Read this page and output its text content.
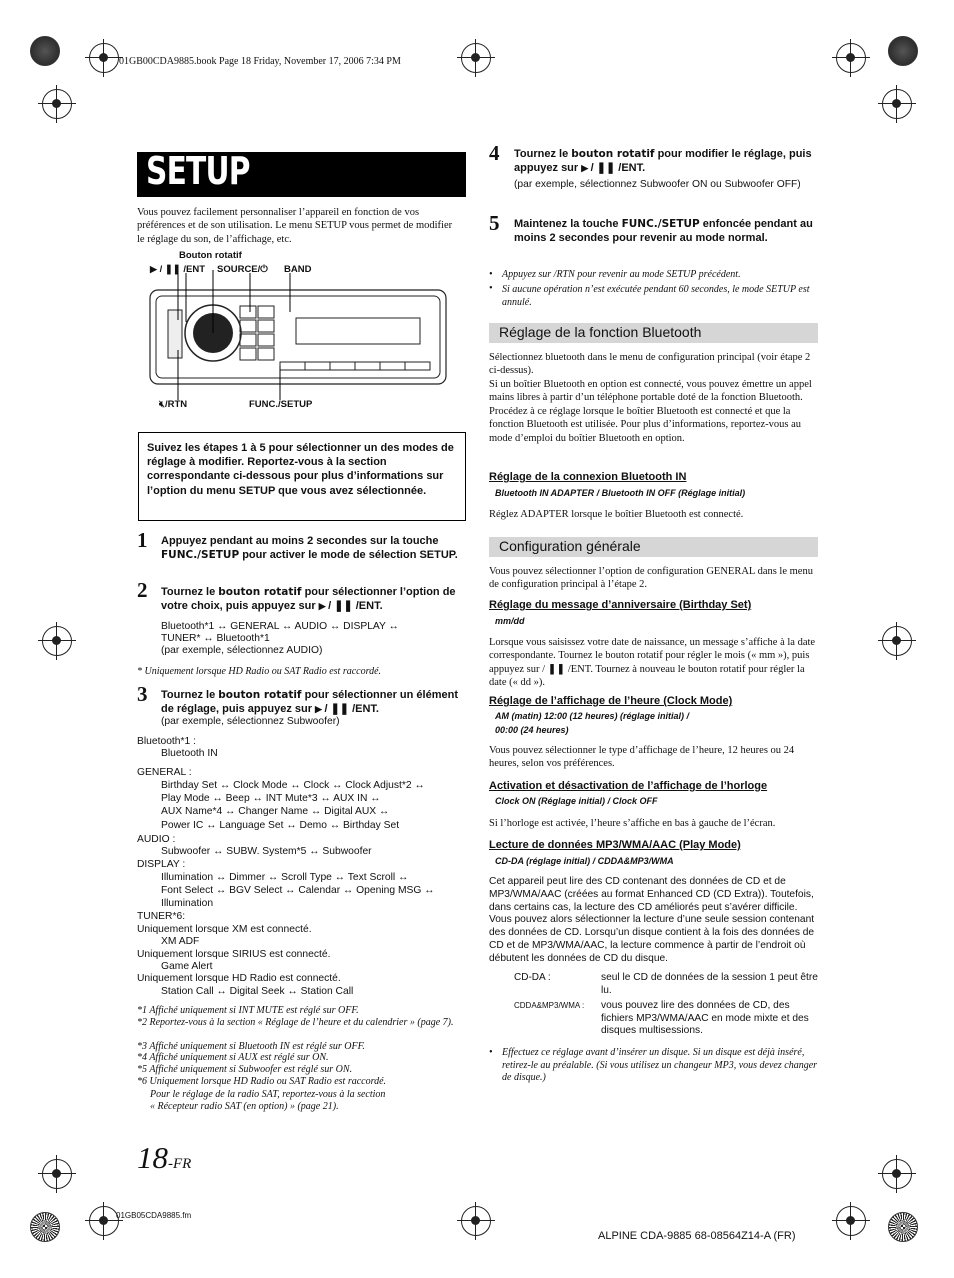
01GB00CDA9885.book Page 18 Friday, November 17, 2006 7:34 PM
SETUP
Vous pouvez facilement personnaliser l’appareil en fonction de vos préférences et de son utilisation. Le menu SETUP vous permet de modifier le réglage du son, de l’affichage, etc.
Bouton rotatif
▶ / ❚❚ /ENT SOURCE/⏻ BAND
🔇︎/RTN	FUNC./SETUP
Suivez les étapes 1 à 5 pour sélectionner un des modes de réglage à modifier. Reportez-vous à la section correspondante ci-dessous pour plus d’informations sur l’option du menu SETUP que vous avez sélectionnée.
1 Appuyez pendant au moins 2 secondes sur la touche FUNC./SETUP pour activer le mode de sélection SETUP.
2 Tournez le bouton rotatif pour sélectionner l’option de votre choix, puis appuyez sur ▶ / ❚❚ /ENT.
Bluetooth*1 ↔ GENERAL ↔ AUDIO ↔ DISPLAY ↔
TUNER* ↔ Bluetooth*1
(par exemple, sélectionnez AUDIO)
* Uniquement lorsque HD Radio ou SAT Radio est raccordé.
3 Tournez le bouton rotatif pour sélectionner un élément de réglage, puis appuyez sur ▶ / ❚❚ /ENT.
(par exemple, sélectionnez Subwoofer)
Bluetooth*1 :
Bluetooth IN
GENERAL :
Birthday Set ↔ Clock Mode ↔ Clock ↔ Clock Adjust*2 ↔
Play Mode ↔ Beep ↔ INT Mute*3 ↔ AUX IN ↔
AUX Name*4 ↔ Changer Name ↔ Digital AUX ↔
Power IC ↔ Language Set ↔ Demo ↔ Birthday Set
AUDIO :
Subwoofer ↔ SUBW. System*5 ↔ Subwoofer
DISPLAY :
Illumination ↔ Dimmer ↔ Scroll Type ↔ Text Scroll ↔
Font Select ↔ BGV Select ↔ Calendar ↔ Opening MSG ↔
Illumination
TUNER*6:
Uniquement lorsque XM est connecté.
XM ADF
Uniquement lorsque SIRIUS est connecté.
Game Alert
Uniquement lorsque HD Radio est connecté.
Station Call ↔ Digital Seek ↔ Station Call
*1 Affiché uniquement si INT MUTE est réglé sur OFF.
*2 Reportez-vous à la section « Réglage de l’heure et du calendrier » (page 7).
*3 Affiché uniquement si Bluetooth IN est réglé sur OFF.
*4 Affiché uniquement si AUX est réglé sur ON.
*5 Affiché uniquement si Subwoofer est réglé sur ON.
*6 Uniquement lorsque HD Radio ou SAT Radio est raccordé.
Pour le réglage de la radio SAT, reportez-vous à la section
« Récepteur radio SAT (en option) » (page 21).
18-FR
01GB05CDA9885.fm
ALPINE CDA-9885 68-08564Z14-A (FR)
4 Tournez le bouton rotatif pour modifier le réglage, puis appuyez sur ▶ / ❚❚ /ENT.
(par exemple, sélectionnez Subwoofer ON ou Subwoofer OFF)
5 Maintenez la touche FUNC./SETUP enfoncée pendant au moins 2 secondes pour revenir au mode normal.
• Appuyez sur /RTN pour revenir au mode SETUP précédent.
• Si aucune opération n’est exécutée pendant 60 secondes, le mode SETUP est annulé.
Réglage de la fonction Bluetooth
Sélectionnez bluetooth dans le menu de configuration principal (voir étape 2 ci-dessus).
Si un boîtier Bluetooth en option est connecté, vous pouvez émettre un appel mains libres à partir d’un téléphone portable doté de la fonction Bluetooth. Procédez à ce réglage lorsque le boîtier Bluetooth est connecté et que la fonction Bluetooth est utilisée. Pour plus d’informations, reportez-vous au mode d’emploi du boîtier Bluetooth en option.
Réglage de la connexion Bluetooth IN
Bluetooth IN ADAPTER / Bluetooth IN OFF (Réglage initial)
Réglez ADAPTER lorsque le boîtier Bluetooth est connecté.
Configuration générale
Vous pouvez sélectionner l’option de configuration GENERAL dans le menu de configuration principal à l’étape 2.
Réglage du message d’anniversaire (Birthday Set)
mm/dd
Lorsque vous saisissez votre date de naissance, un message s’affiche à la date correspondante. Tournez le bouton rotatif pour régler le mois (« mm »), puis appuyez sur / ❚❚ /ENT. Tournez à nouveau le bouton rotatif pour régler la date (« dd »).
Réglage de l’affichage de l’heure (Clock Mode)
AM (matin) 12:00 (12 heures) (réglage initial) /
00:00 (24 heures)
Vous pouvez sélectionner le type d’affichage de l’heure, 12 heures ou 24 heures, selon vos préférences.
Activation et désactivation de l’affichage de l’horloge
Clock ON (Réglage initial) / Clock OFF
Si l’horloge est activée, l’heure s’affiche en bas à gauche de l’écran.
Lecture de données MP3/WMA/AAC (Play Mode)
CD-DA (réglage initial) / CDDA&MP3/WMA
Cet appareil peut lire des CD contenant des données de CD et de MP3/WMA/AAC (créées au format Enhanced CD (CD Extra)). Toutefois, dans certains cas, la lecture des CD améliorés peut s’avérer difficile. Vous pouvez alors sélectionner la lecture d’une seule session contenant des données de CD. Lorsqu’un disque contient à la fois des données de CD et de MP3/WMA/AAC, la lecture commence à partir de l’endroit où débutent les données de CD du disque.
CD-DA :	seul le CD de données de la session 1 peut être lu.
CDDA&MP3/WMA : vous pouvez lire des données de CD, des fichiers MP3/WMA/AAC en mode mixte et des disques multisessions.
• Effectuez ce réglage avant d’insérer un disque. Si un disque est déjà inséré, retirez-le au préalable. (Si vous utilisez un changeur MP3, vous devez changer de disque.)
